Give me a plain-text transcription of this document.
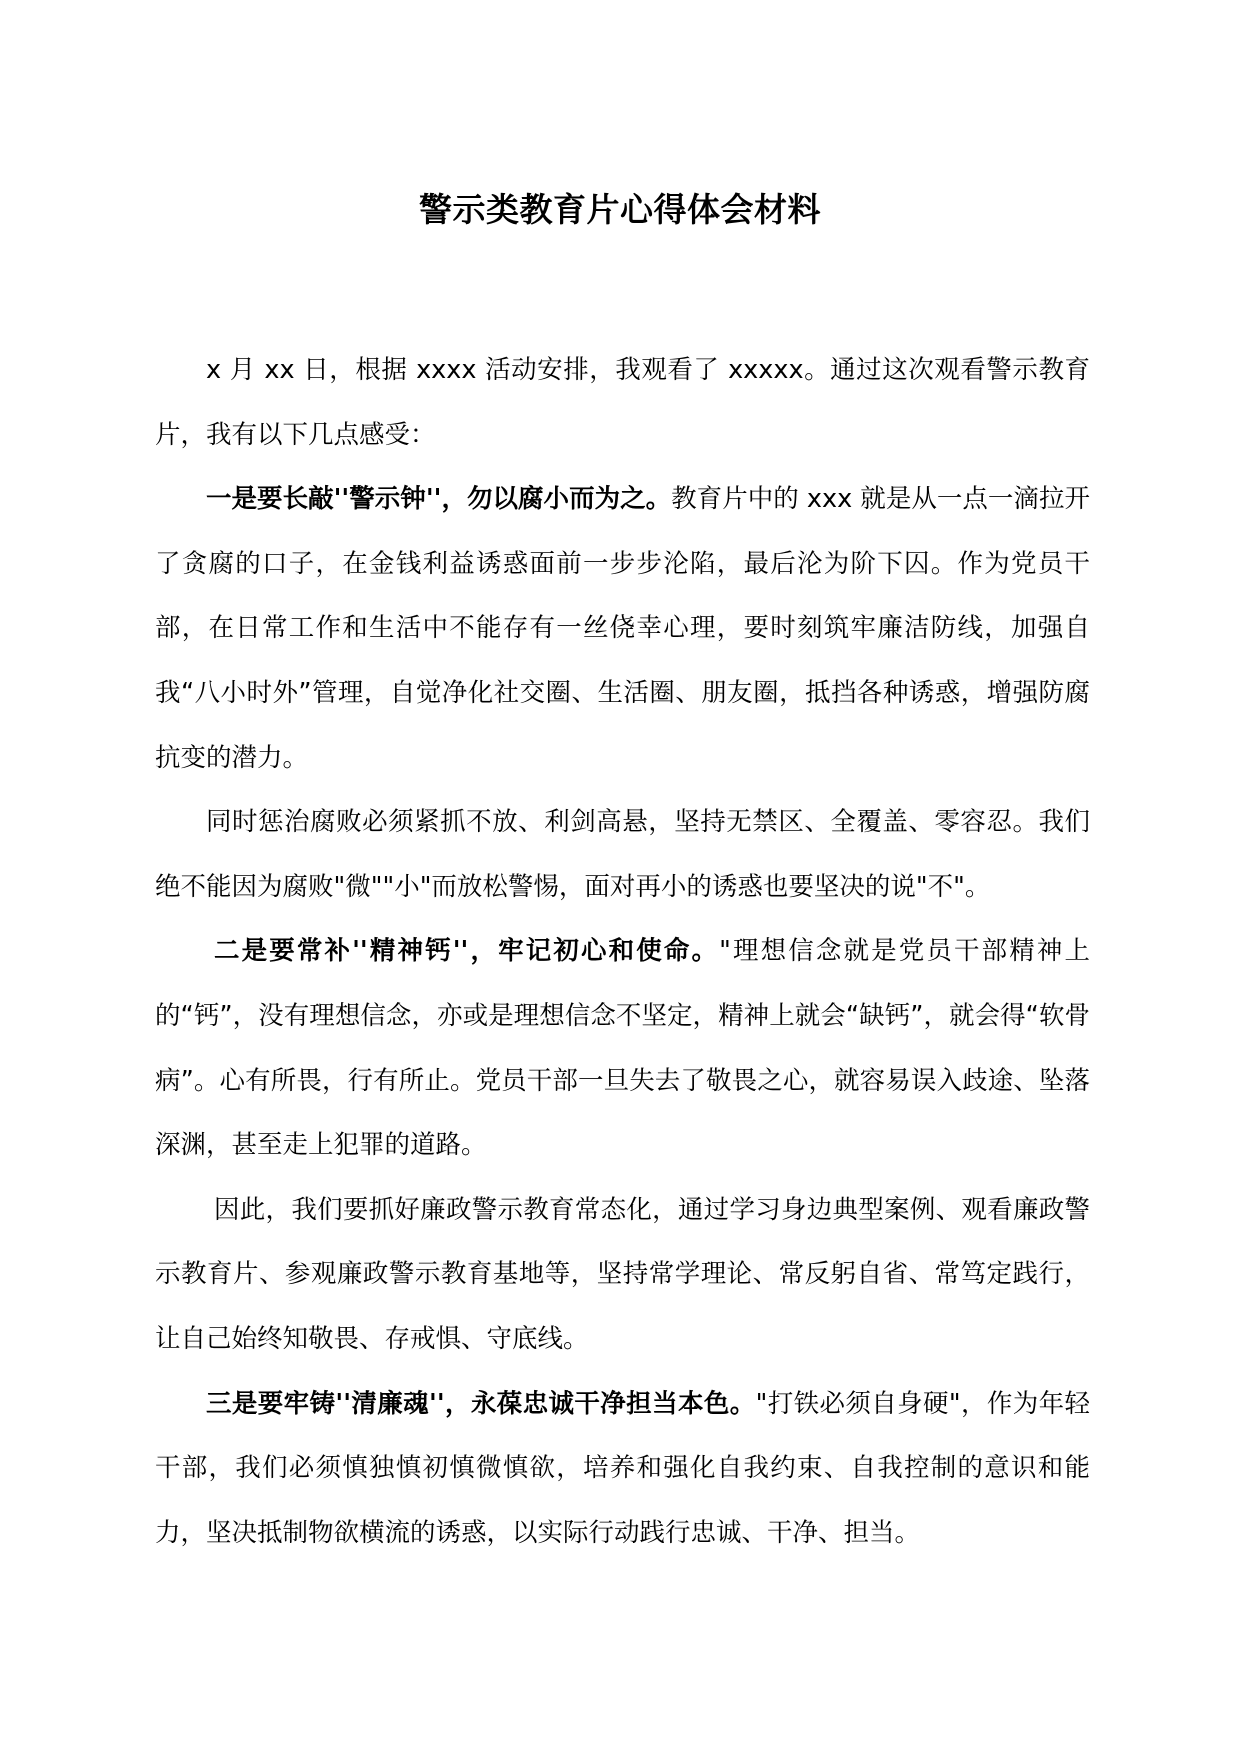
警示类教育片心得体会材料

x 月 xx 日，根据 xxxx 活动安排，我观看了 xxxxx。通过这次观看警示教育片，我有以下几点感受：

一是要长敲''警示钟''，勿以腐小而为之。教育片中的 xxx 就是从一点一滴拉开了贪腐的口子，在金钱利益诱惑面前一步步沦陷，最后沦为阶下囚。作为党员干部，在日常工作和生活中不能存有一丝侥幸心理，要时刻筑牢廉洁防线，加强自我“八小时外”管理，自觉净化社交圈、生活圈、朋友圈，抵挡各种诱惑，增强防腐抗变的潜力。

同时惩治腐败必须紧抓不放、利剑高悬，坚持无禁区、全覆盖、零容忍。我们绝不能因为腐败"微""小"而放松警惕，面对再小的诱惑也要坚决的说"不"。

二是要常补''精神钙''，牢记初心和使命。"理想信念就是党员干部精神上的“钙”，没有理想信念，亦或是理想信念不坚定，精神上就会“缺钙”，就会得“软骨病”。心有所畏，行有所止。党员干部一旦失去了敬畏之心，就容易误入歧途、坠落深渊，甚至走上犯罪的道路。

因此，我们要抓好廉政警示教育常态化，通过学习身边典型案例、观看廉政警示教育片、参观廉政警示教育基地等，坚持常学理论、常反躬自省、常笃定践行，让自己始终知敬畏、存戒惧、守底线。

三是要牢铸''清廉魂''，永葆忠诚干净担当本色。"打铁必须自身硬"，作为年轻干部，我们必须慎独慎初慎微慎欲，培养和强化自我约束、自我控制的意识和能力，坚决抵制物欲横流的诱惑，以实际行动践行忠诚、干净、担当。
